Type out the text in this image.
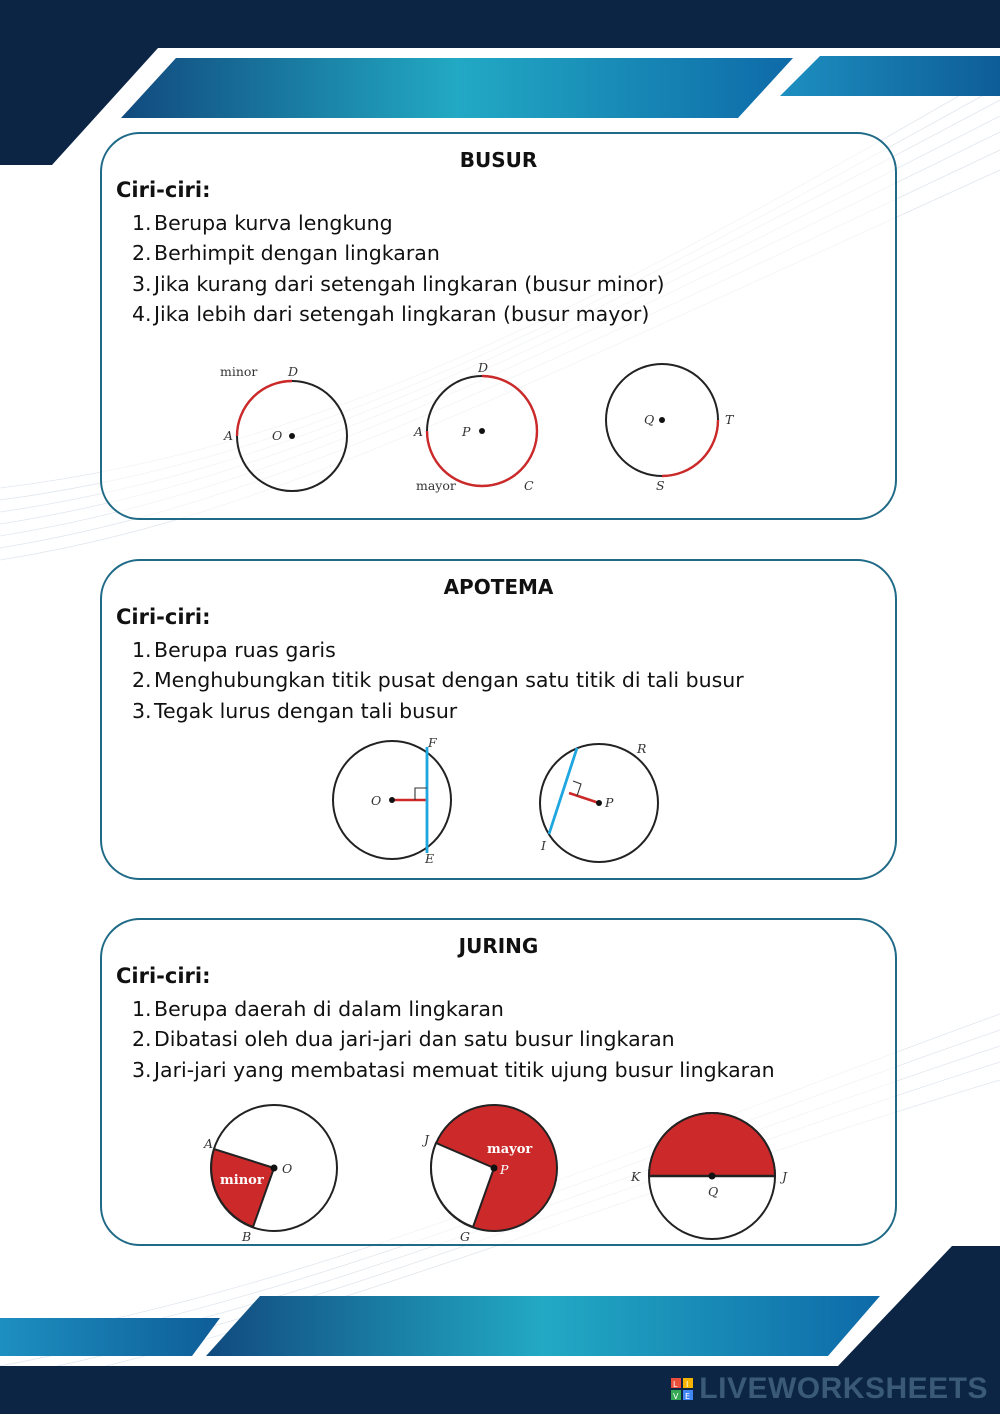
BUSUR
Ciri-ciri:
1. Berupa kurva lengkung
2. Berhimpit dengan lingkaran
3. Jika kurang dari setengah lingkaran (busur minor)
4. Jika lebih dari setengah lingkaran (busur mayor)
minor D
A	O
D
A	P
mayor	C
Q	T
S
APOTEMA
Ciri-ciri:
1. Berupa ruas garis
2. Menghubungkan titik pusat dengan satu titik di tali busur
3. Tegak lurus dengan tali busur
O
F
E
P
R
I
JURING
Ciri-ciri:
1. Berupa daerah di dalam lingkaran
2. Dibatasi oleh dua jari-jari dan satu busur lingkaran
3. Jari-jari yang membatasi memuat titik ujung busur lingkaran
A
O
minor
B
J
mayor
P
G
K	J
Q
L I
V E LIVEWORKSHEETS
